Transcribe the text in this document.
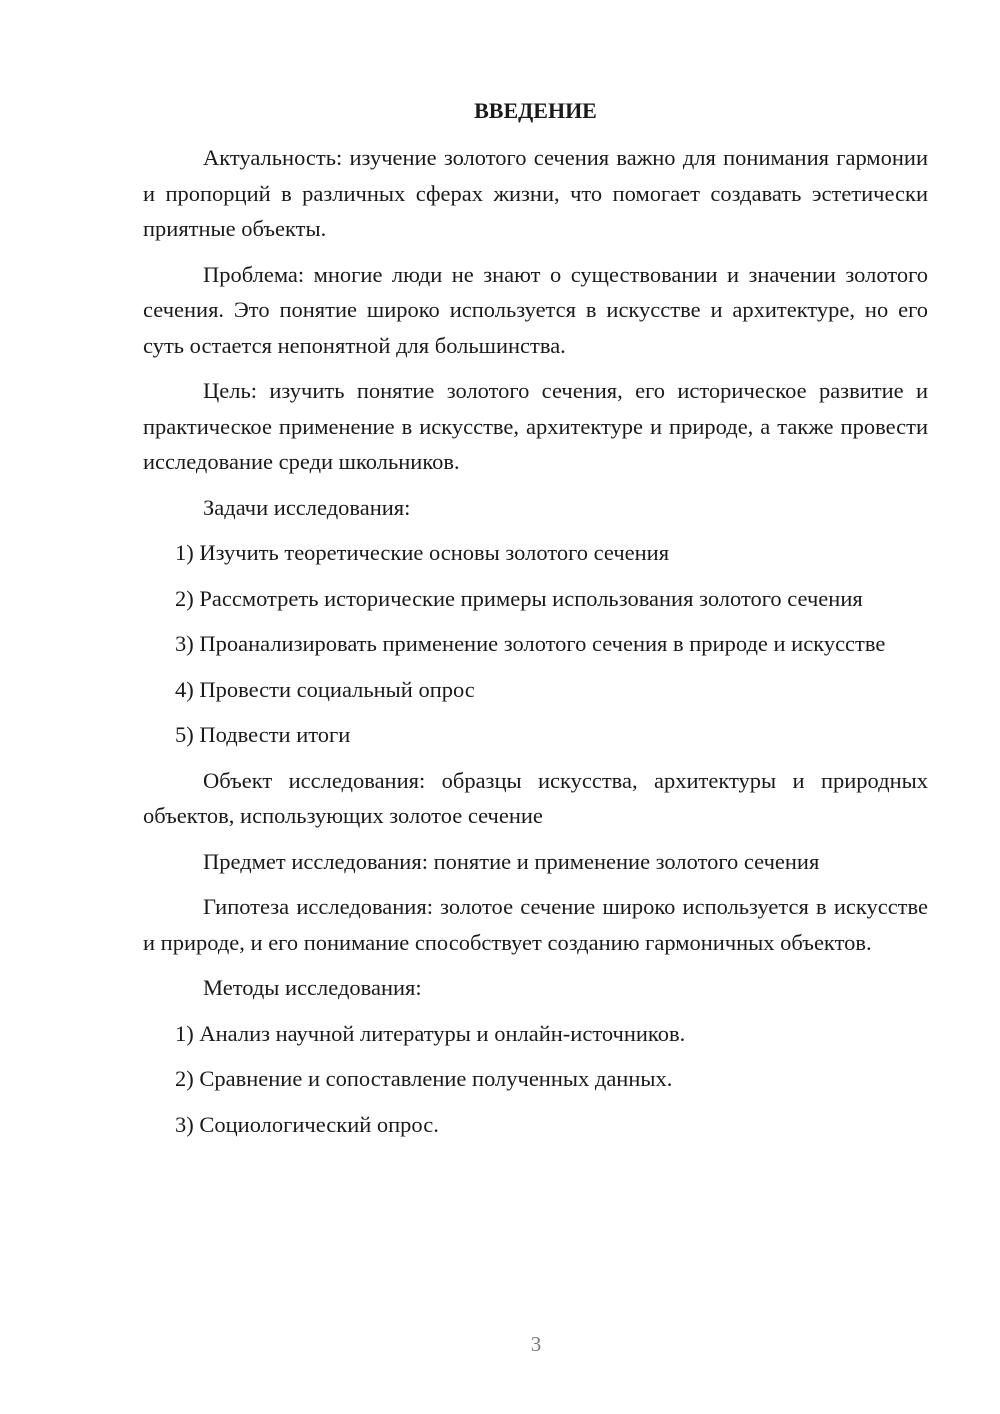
ВВЕДЕНИЕ

Актуальность: изучение золотого сечения важно для понимания гармонии и пропорций в различных сферах жизни, что помогает создавать эстетически приятные объекты.

Проблема: многие люди не знают о существовании и значении золотого сечения. Это понятие широко используется в искусстве и архитектуре, но его суть остается непонятной для большинства.

Цель: изучить понятие золотого сечения, его историческое развитие и практическое применение в искусстве, архитектуре и природе, а также провести исследование среди школьников.

Задачи исследования:

1) Изучить теоретические основы золотого сечения

2) Рассмотреть исторические примеры использования золотого сечения

3) Проанализировать применение золотого сечения в природе и искусстве

4) Провести социальный опрос

5) Подвести итоги

Объект исследования: образцы искусства, архитектуры и природных объектов, использующих золотое сечение

Предмет исследования: понятие и применение золотого сечения

Гипотеза исследования: золотое сечение широко используется в искусстве и природе, и его понимание способствует созданию гармоничных объектов.

Методы исследования:

1) Анализ научной литературы и онлайн-источников.

2) Сравнение и сопоставление полученных данных.

3) Социологический опрос.

3
